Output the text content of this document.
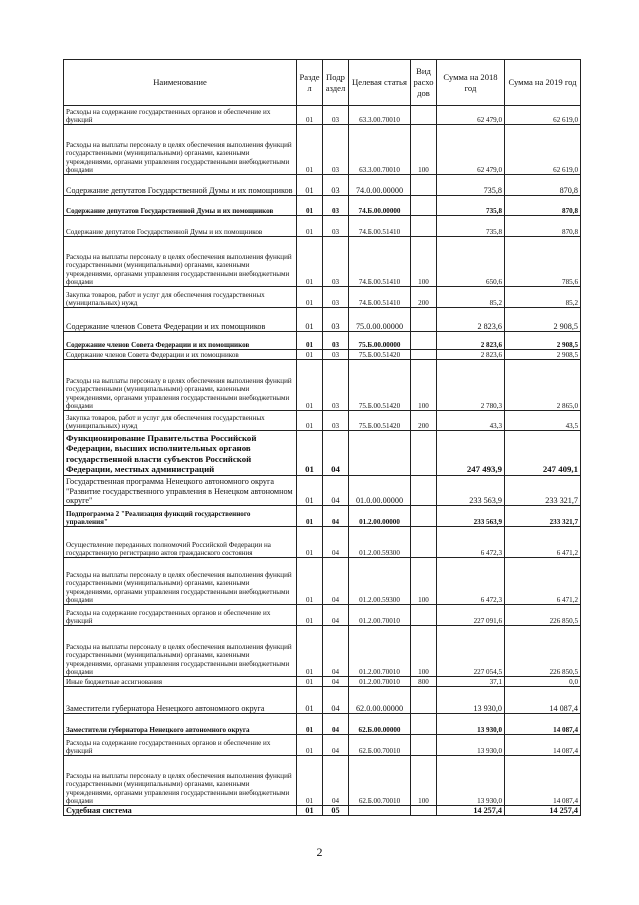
Наименование	Разде л	Подр аздел	Целевая статья	Вид расхо дов	Сумма на 2018 год	Сумма на 2019 год
Расходы на содержание государственных органов и обеспечение их функций	01	03	63.3.00.70010		62 479,0	62 619,0
Расходы на выплаты персоналу в целях обеспечения выполнения функций государственными (муниципальными) органами, казенными учреждениями, органами управления государственными внебюджетными фондами	01	03	63.3.00.70010	100	62 479,0	62 619,0
Содержание депутатов Государственной Думы и их помощников	01	03	74.0.00.00000		735,8	870,8
Содержание депутатов Государственной Думы и их помощников	01	03	74.Б.00.00000		735,8	870,8
Содержание депутатов Государственной Думы и их помощников	01	03	74.Б.00.51410		735,8	870,8
Расходы на выплаты персоналу в целях обеспечения выполнения функций государственными (муниципальными) органами, казенными учреждениями, органами управления государственными внебюджетными фондами	01	03	74.Б.00.51410	100	650,6	785,6
Закупка товаров, работ и услуг для обеспечения государственных (муниципальных) нужд	01	03	74.Б.00.51410	200	85,2	85,2
Содержание членов Совета Федерации и их помощников	01	03	75.0.00.00000		2 823,6	2 908,5
Содержание членов Совета Федерации и их помощников	01	03	75.Б.00.00000		2 823,6	2 908,5
Содержание членов Совета Федерации и их помощников	01	03	75.Б.00.51420		2 823,6	2 908,5
Расходы на выплаты персоналу в целях обеспечения выполнения функций государственными (муниципальными) органами, казенными учреждениями, органами управления государственными внебюджетными фондами	01	03	75.Б.00.51420	100	2 780,3	2 865,0
Закупка товаров, работ и услуг для обеспечения государственных (муниципальных) нужд	01	03	75.Б.00.51420	200	43,3	43,5
Функционирование Правительства Российской Федерации, высших исполнительных органов государственной власти субъектов Российской Федерации, местных администраций	01	04			247 493,9	247 409,1
Государственная программа Ненецкого автономного округа "Развитие государственного управления в Ненецком автономном округе"	01	04	01.0.00.00000		233 563,9	233 321,7
Подпрограмма 2 "Реализация функций государственного управления"	01	04	01.2.00.00000		233 563,9	233 321,7
Осуществление переданных полномочий Российской Федерации на государственную регистрацию актов гражданского состояния	01	04	01.2.00.59300		6 472,3	6 471,2
Расходы на выплаты персоналу в целях обеспечения выполнения функций государственными (муниципальными) органами, казенными учреждениями, органами управления государственными внебюджетными фондами	01	04	01.2.00.59300	100	6 472,3	6 471,2
Расходы на содержание государственных органов и обеспечение их функций	01	04	01.2.00.70010		227 091,6	226 850,5
Расходы на выплаты персоналу в целях обеспечения выполнения функций государственными (муниципальными) органами, казенными учреждениями, органами управления государственными внебюджетными фондами	01	04	01.2.00.70010	100	227 054,5	226 850,5
Иные бюджетные ассигнования	01	04	01.2.00.70010	800	37,1	0,0
Заместители губернатора Ненецкого автономного округа	01	04	62.0.00.00000		13 930,0	14 087,4
Заместители губернатора Ненецкого автономного округа	01	04	62.Б.00.00000		13 930,0	14 087,4
Расходы на содержание государственных органов и обеспечение их функций	01	04	62.Б.00.70010		13 930,0	14 087,4
Расходы на выплаты персоналу в целях обеспечения выполнения функций государственными (муниципальными) органами, казенными учреждениями, органами управления государственными внебюджетными фондами	01	04	62.Б.00.70010	100	13 930,0	14 087,4
Судебная система	01	05			14 257,4	14 257,4
2
